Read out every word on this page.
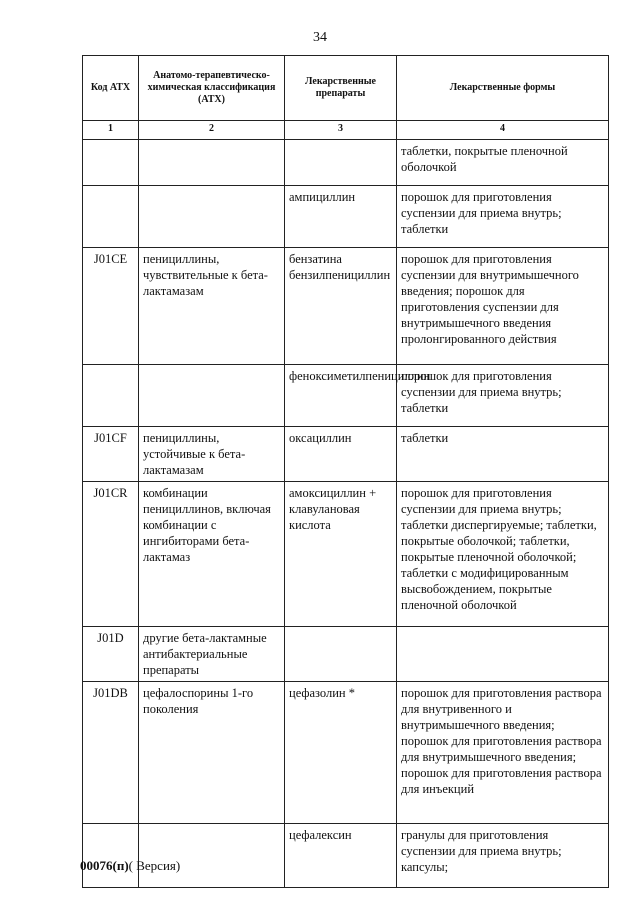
34
Код АТХ	Анатомо-терапевтическо-химическая классификация (АТХ)	Лекарственные препараты	Лекарственные формы
1	2	3	4
			таблетки, покрытые пленочной оболочкой
		ампициллин	порошок для приготовления суспензии для приема внутрь; таблетки
J01CE	пенициллины, чувствительные к бета-лактамазам	бензатина бензилпенициллин	порошок для приготовления суспензии для внутримышечного введения; порошок для приготовления суспензии для внутримышечного введения пролонгированного действия
		феноксиметилпенициллин	порошок для приготовления суспензии для приема внутрь; таблетки
J01CF	пенициллины, устойчивые к бета-лактамазам	оксациллин	таблетки
J01CR	комбинации пенициллинов, включая комбинации с ингибиторами бета-лактамаз	амоксициллин + клавулановая кислота	порошок для приготовления суспензии для приема внутрь; таблетки диспергируемые; таблетки, покрытые оболочкой; таблетки, покрытые пленочной оболочкой; таблетки с модифицированным высвобождением, покрытые пленочной оболочкой
J01D	другие бета-лактамные антибактериальные препараты		
J01DB	цефалоспорины 1-го поколения	цефазолин *	порошок для приготовления раствора для внутривенного и внутримышечного введения; порошок для приготовления раствора для внутримышечного введения; порошок для приготовления раствора для инъекций
		цефалексин	гранулы для приготовления суспензии для приема внутрь; капсулы;
00076(п)( Версия)
